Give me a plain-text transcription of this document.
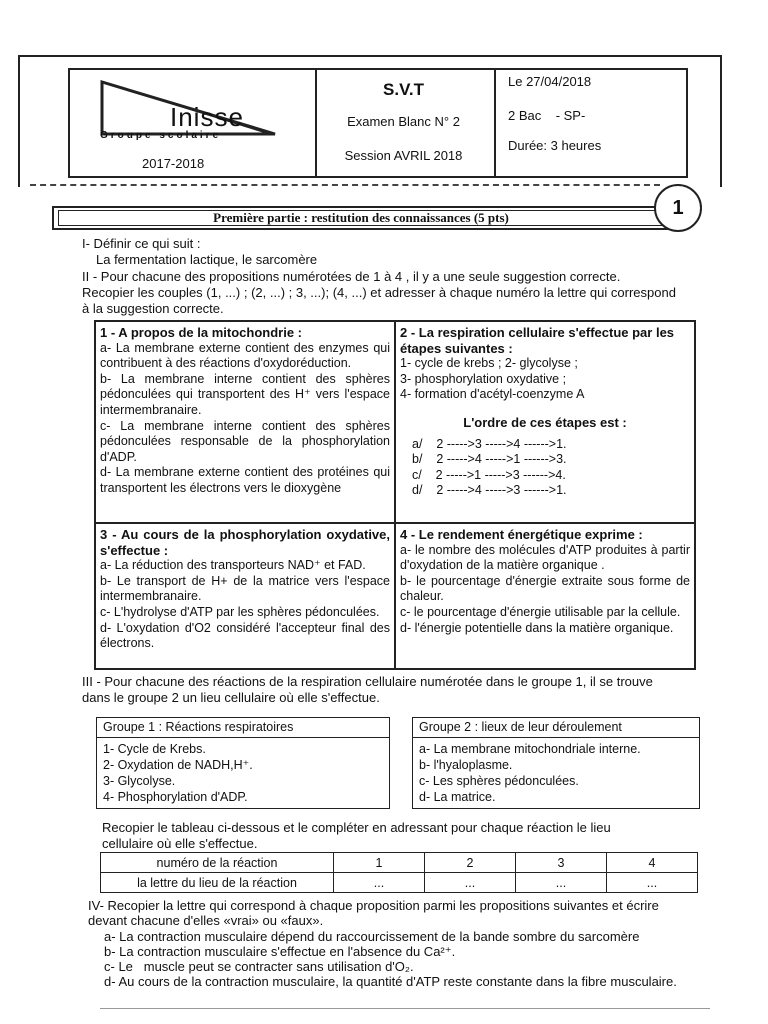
Inisse
Groupe scolaire
2017-2018
S.V.T
Examen Blanc N° 2
Session AVRIL 2018
Le 27/04/2018
2 Bac    - SP-
Durée: 3 heures
Première partie : restitution des connaissances (5 pts)	1
I- Définir ce qui suit :
La fermentation lactique, le sarcomère
II - Pour chacune des propositions numérotées de 1 à 4 , il y a une seule suggestion correcte.
Recopier les couples (1, ...) ; (2, ...) ; 3, ...); (4, ...) et adresser à chaque numéro la lettre qui correspond
à la suggestion correcte.
1 - A propos de la mitochondrie :
a- La membrane externe contient des enzymes qui contribuent à des réactions d'oxydoréduction.
b- La membrane interne contient des sphères pédonculées qui transportent des H⁺ vers l'espace intermembranaire.
c- La membrane interne contient des sphères pédonculées responsable de la phosphorylation d'ADP.
d- La membrane externe contient des protéines qui transportent les électrons vers le dioxygène
2 - La respiration cellulaire s'effectue par les étapes suivantes :
1- cycle de krebs ; 2- glycolyse ;
3- phosphorylation oxydative ;
4- formation d'acétyl-coenzyme A
L'ordre de ces étapes est :
a/    2 ----->3 ----->4 ------>1.
b/    2 ----->4 ----->1 ------>3.
c/    2 ----->1 ----->3 ------>4.
d/    2 ----->4 ----->3 ------>1.
3 - Au cours de la phosphorylation oxydative, s'effectue :
a- La réduction des transporteurs NAD⁺ et FAD.
b- Le transport de H+ de la matrice vers l'espace intermembranaire.
c- L'hydrolyse d'ATP par les sphères pédonculées.
d- L'oxydation d'O2 considéré l'accepteur final des électrons.
4 - Le rendement énergétique exprime :
a- le nombre des molécules d'ATP produites à partir d'oxydation de la matière organique .
b- le pourcentage d'énergie extraite sous forme de chaleur.
c- le pourcentage d'énergie utilisable par la cellule.
d- l'énergie potentielle dans la matière organique.
III - Pour chacune des réactions de la respiration cellulaire numérotée dans le groupe 1, il se trouve
dans le groupe 2 un lieu cellulaire où elle s'effectue.
Groupe 1 : Réactions respiratoires
1- Cycle de Krebs.
2- Oxydation de NADH,H⁺.
3- Glycolyse.
4- Phosphorylation d'ADP.
Groupe 2 : lieux de leur déroulement
a- La membrane mitochondriale interne.
b- l'hyaloplasme.
c- Les sphères pédonculées.
d- La matrice.
Recopier le tableau ci-dessous et le compléter en adressant pour chaque réaction le lieu
cellulaire où elle s'effectue.
numéro de la réaction	1	2	3	4
la lettre du lieu de la réaction	...	...	...	...
IV- Recopier la lettre qui correspond à chaque proposition parmi les propositions suivantes et écrire
devant chacune d'elles «vrai» ou «faux».
a- La contraction musculaire dépend du raccourcissement de la bande sombre du sarcomère
b- La contraction musculaire s'effectue en l'absence du Ca²⁺.
c- Le   muscle peut se contracter sans utilisation d'O₂.
d- Au cours de la contraction musculaire, la quantité d'ATP reste constante dans la fibre musculaire.
